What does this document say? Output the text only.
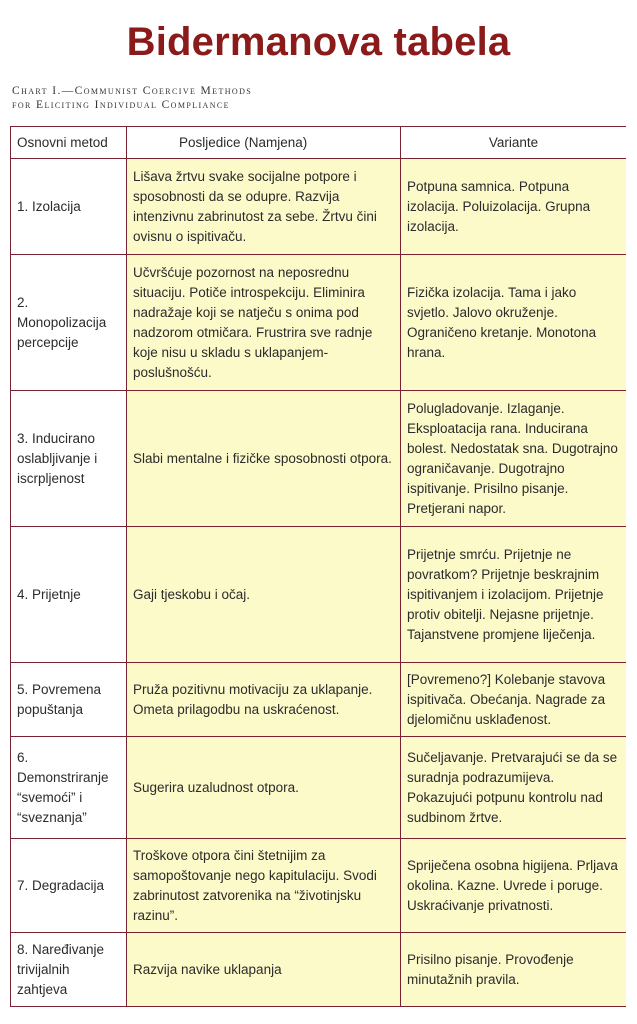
Bidermanova tabela
Chart I.—Communist Coercive Methods
for Eliciting Individual Compliance
Osnovni metod	Posljedice (Namjena)	Variante
1. Izolacija	Lišava žrtvu svake socijalne potpore i sposobnosti da se odupre. Razvija intenzivnu zabrinutost za sebe. Žrtvu čini ovisnu o ispitivaču.	Potpuna samnica. Potpuna izolacija. Poluizolacija. Grupna izolacija.
2. Monopolizacija percepcije	Učvršćuje pozornost na neposrednu situaciju. Potiče introspekciju. Eliminira nadražaje koji se natječu s onima pod nadzorom otmičara. Frustrira sve radnje koje nisu u skladu s uklapanjem-poslušnošću.	Fizička izolacija. Tama i jako svjetlo. Jalovo okruženje. Ograničeno kretanje. Monotona hrana.
3. Inducirano oslabljivanje i iscrpljenost	Slabi mentalne i fizičke sposobnosti otpora.	Polugladovanje. Izlaganje. Eksploatacija rana. Inducirana bolest. Nedostatak sna. Dugotrajno ograničavanje. Dugotrajno ispitivanje. Prisilno pisanje. Pretjerani napor.
4. Prijetnje	Gaji tjeskobu i očaj.	Prijetnje smrću. Prijetnje ne povratkom? Prijetnje beskrajnim ispitivanjem i izolacijom. Prijetnje protiv obitelji. Nejasne prijetnje. Tajanstvene promjene liječenja.
5. Povremena popuštanja	Pruža pozitivnu motivaciju za uklapanje. Ometa prilagodbu na uskraćenost.	[Povremeno?] Kolebanje stavova ispitivača. Obećanja. Nagrade za djelomičnu usklađenost.
6. Demonstriranje “svemoći” i “sveznanja”	Sugerira uzaludnost otpora.	Sučeljavanje. Pretvarajući se da se suradnja podrazumijeva. Pokazujući potpunu kontrolu nad sudbinom žrtve.
7. Degradacija	Troškove otpora čini štetnijim za samopoštovanje nego kapitulaciju. Svodi zabrinutost zatvorenika na “životinjsku razinu”.	Spriječena osobna higijena. Prljava okolina. Kazne. Uvrede i poruge. Uskraćivanje privatnosti.
8. Naređivanje trivijalnih zahtjeva	Razvija navike uklapanja	Prisilno pisanje. Provođenje minutažnih pravila.
